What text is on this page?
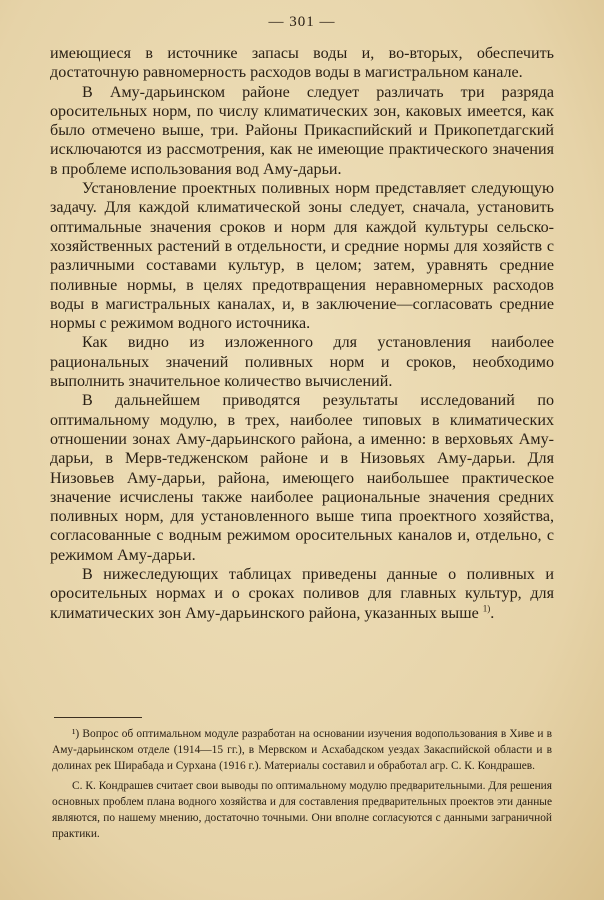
— 301 —

имеющиеся в источнике запасы воды и, во-вторых, обеспечить достаточную равномерность расходов воды в магистральном канале.

В Аму-дарьинском районе следует различать три разряда оросительных норм, по числу климатических зон, каковых имеется, как было отмечено выше, три. Районы Прикаспийский и Прикопетдагский исключаются из рассмотрения, как не имеющие практического значения в проблеме использования вод Аму-дарьи.

Установление проектных поливных норм представляет следующую задачу. Для каждой климатической зоны следует, сначала, установить оптимальные значения сроков и норм для каждой культуры сельско-хозяйственных растений в отдельности, и средние нормы для хозяйств с различными составами культур, в целом; затем, уравнять средние поливные нормы, в целях предотвращения неравномерных расходов воды в магистральных каналах, и, в заключение—согласовать средние нормы с режимом водного источника.

Как видно из изложенного для установления наиболее рациональных значений поливных норм и сроков, необходимо выполнить значительное количество вычислений.

В дальнейшем приводятся результаты исследований по оптимальному модулю, в трех, наиболее типовых в климатических отношении зонах Аму-дарьинского района, а именно: в верховьях Аму-дарьи, в Мерв-теджeнском районе и в Низовьях Аму-дарьи. Для Низовьев Аму-дарьи, района, имеющего наибольшее практическое значение исчислены также наиболее рациональные значения средних поливных норм, для установленного выше типа проектного хозяйства, согласованные с водным режимом оросительных каналов и, отдельно, с режимом Аму-дарьи.

В нижеследующих таблицах приведены данные о поливных и оросительных нормах и о сроках поливов для главных культур, для климатических зон Аму-дарьинского района, указанных выше $^{1)}$.

¹) Вопрос об оптимальном модуле разработан на основании изучения водопользования в Хиве и в Аму-дарьинском отделе (1914—15 гг.), в Мервском и Асхабадском уездах Закаспийской области и в долинах рек Ширабада и Сурхана (1916 г.). Материалы составил и обработал агр. С. К. Кондрашев.

С. К. Кондрашев считает свои выводы по оптимальному модулю предварительными. Для решения основных проблем плана водного хозяйства и для составления предварительных проектов эти данные являются, по нашему мнению, достаточно точными. Они вполне согласуются с данными заграничной практики.
